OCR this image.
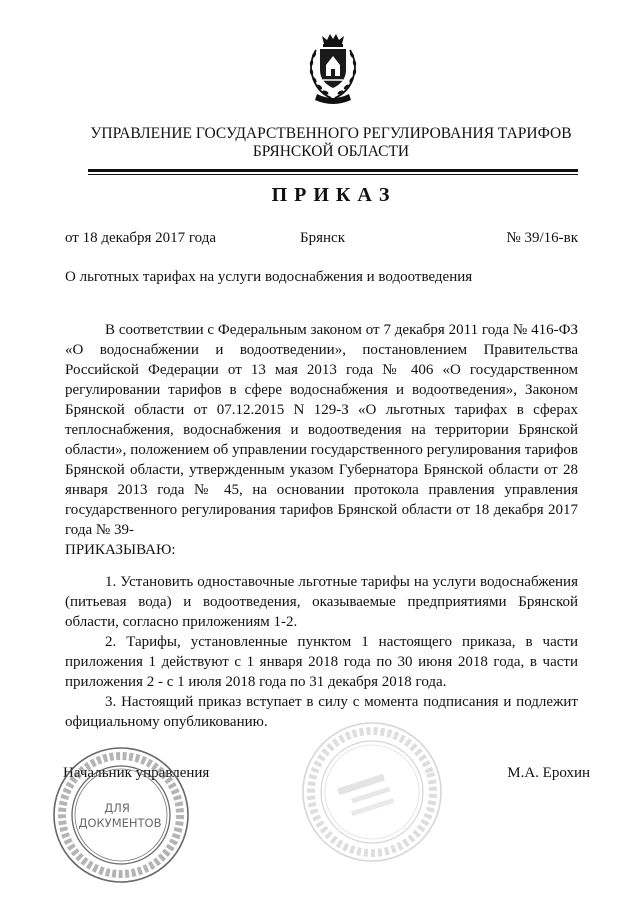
УПРАВЛЕНИЕ ГОСУДАРСТВЕННОГО РЕГУЛИРОВАНИЯ ТАРИФОВ
БРЯНСКОЙ ОБЛАСТИ
П Р И К А З
от 18 декабря 2017 года	Брянск	№ 39/16-вк
О льготных тарифах на услуги водоснабжения и водоотведения
В соответствии с Федеральным законом от 7 декабря 2011 года № 416-ФЗ
«О водоснабжении и водоотведении», постановлением Правительства
Российской Федерации от 13 мая 2013 года № 406 «О государственном
регулировании тарифов в сфере водоснабжения и водоотведения», Законом
Брянской области от 07.12.2015 N 129-З «О льготных тарифах в сферах
теплоснабжения, водоснабжения и водоотведения на территории Брянской
области», положением об управлении государственного регулирования тарифов
Брянской области, утвержденным указом Губернатора Брянской области от 28
января 2013 года № 45, на основании протокола правления управления
государственного регулирования тарифов Брянской области от 18 декабря 2017
года № 39-
ПРИКАЗЫВАЮ:
1. Установить одноставочные льготные тарифы на услуги водоснабжения
(питьевая вода) и водоотведения, оказываемые предприятиями Брянской
области, согласно приложениям 1-2.
2. Тарифы, установленные пунктом 1 настоящего приказа, в части
приложения 1 действуют с 1 января 2018 года по 30 июня 2018 года, в части
приложения 2 - с 1 июля 2018 года по 31 декабря 2018 года.
3. Настоящий приказ вступает в силу с момента подписания и подлежит
официальному опубликованию.
Начальник управления	М.А. Ерохин
ДЛЯ
ДОКУМЕНТОВ
